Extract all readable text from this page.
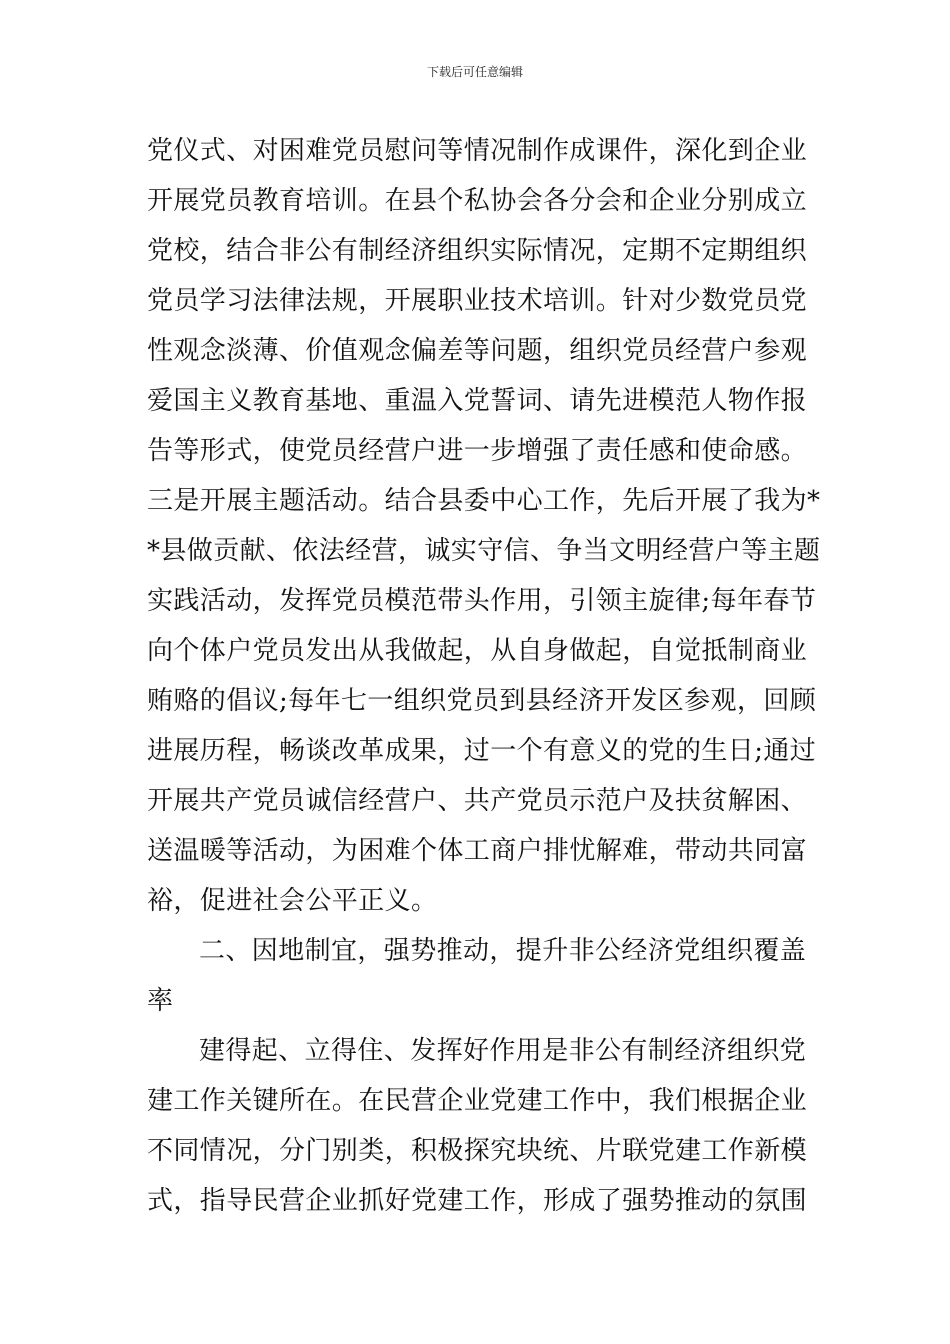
下载后可任意编辑
党仪式、对困难党员慰问等情况制作成课件，深化到企业
开展党员教育培训。在县个私协会各分会和企业分别成立
党校，结合非公有制经济组织实际情况，定期不定期组织
党员学习法律法规，开展职业技术培训。针对少数党员党
性观念淡薄、价值观念偏差等问题，组织党员经营户参观
爱国主义教育基地、重温入党誓词、请先进模范人物作报
告等形式，使党员经营户进一步增强了责任感和使命感。
三是开展主题活动。结合县委中心工作，先后开展了我为*
*县做贡献、依法经营，诚实守信、争当文明经营户等主题
实践活动，发挥党员模范带头作用，引领主旋律;每年春节
向个体户党员发出从我做起，从自身做起，自觉抵制商业
贿赂的倡议;每年七一组织党员到县经济开发区参观，回顾
进展历程，畅谈改革成果，过一个有意义的党的生日;通过
开展共产党员诚信经营户、共产党员示范户及扶贫解困、
送温暖等活动，为困难个体工商户排忧解难，带动共同富
裕，促进社会公平正义。
二、因地制宜，强势推动，提升非公经济党组织覆盖
率
建得起、立得住、发挥好作用是非公有制经济组织党
建工作关键所在。在民营企业党建工作中，我们根据企业
不同情况，分门别类，积极探究块统、片联党建工作新模
式，指导民营企业抓好党建工作，形成了强势推动的氛围
